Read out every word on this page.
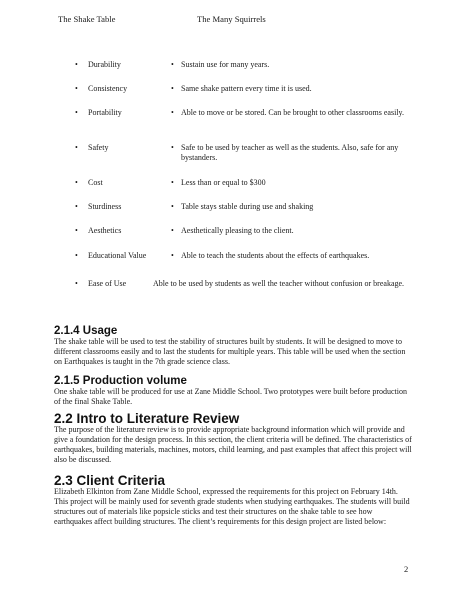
The Shake Table	The Many Squirrels
• Durability	• Sustain use for many years.
• Consistency	• Same shake pattern every time it is used.
• Portability	• Able to move or be stored. Can be brought to other classrooms easily.
• Safety	• Safe to be used by teacher as well as the students. Also, safe for any bystanders.
• Cost	• Less than or equal to $300
• Sturdiness	• Table stays stable during use and shaking
• Aesthetics	• Aesthetically pleasing to the client.
• Educational Value	• Able to teach the students about the effects of earthquakes.
• Ease of Use	Able to be used by students as well the teacher without confusion or breakage.
2.1.4 Usage

The shake table will be used to test the stability of structures built by students. It will be designed to move to different classrooms easily and to last the students for multiple years. This table will be used when the section on Earthquakes is taught in the 7th grade science class.

2.1.5 Production volume

One shake table will be produced for use at Zane Middle School. Two prototypes were built before production of the final Shake Table.

2.2 Intro to Literature Review

The purpose of the literature review is to provide appropriate background information which will provide and give a foundation for the design process. In this section, the client criteria will be defined. The characteristics of earthquakes, building materials, machines, motors, child learning, and past examples that affect this project will also be discussed.

2.3 Client Criteria

Elizabeth Elkinton from Zane Middle School, expressed the requirements for this project on February 14th. This project will be mainly used for seventh grade students when studying earthquakes. The students will build structures out of materials like popsicle sticks and test their structures on the shake table to see how earthquakes affect building structures. The client’s requirements for this design project are listed below:

2
